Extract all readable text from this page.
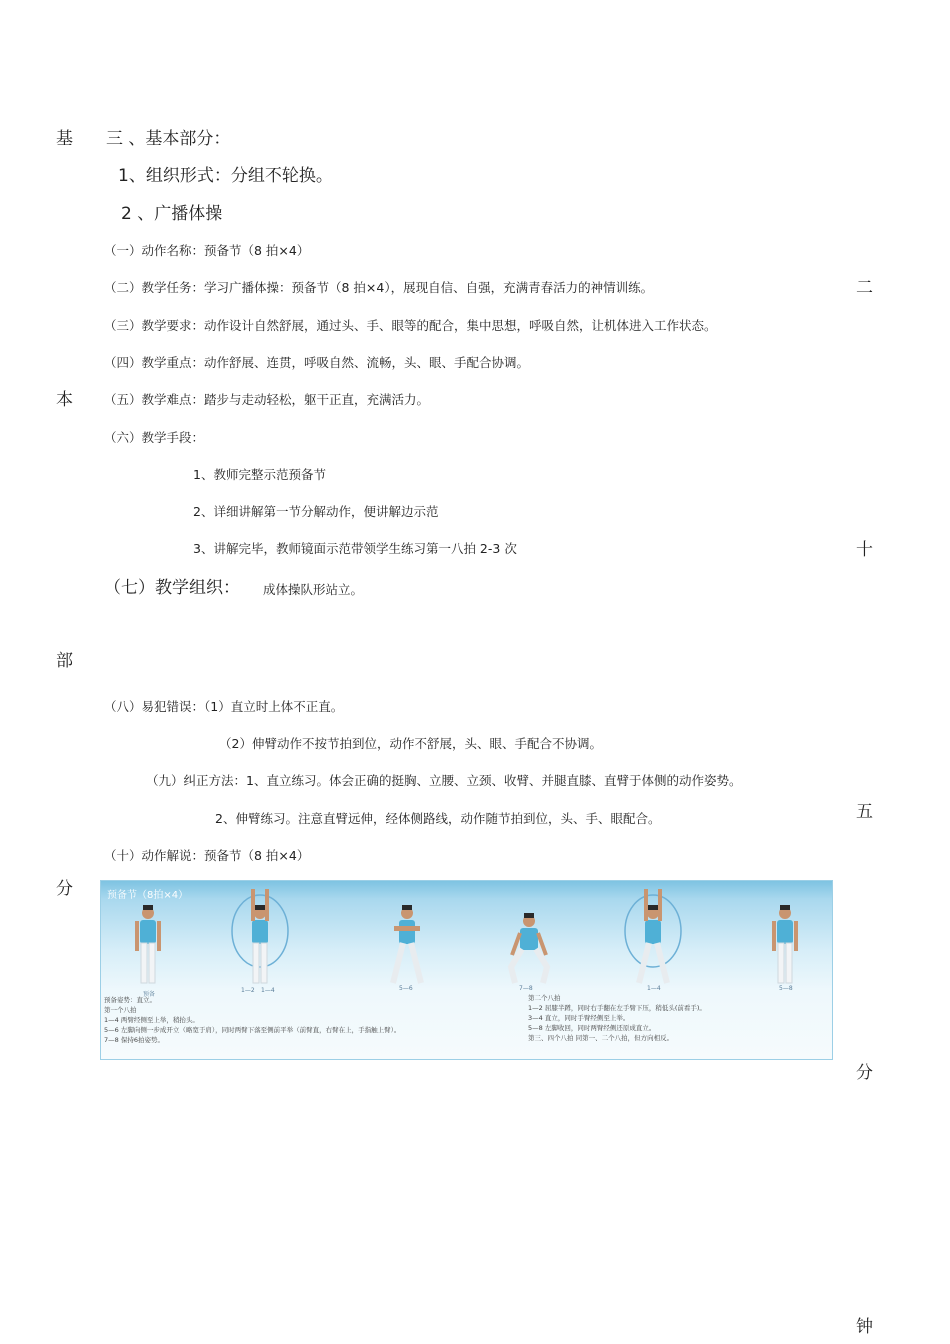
基
本
部
分
二
十
五
分
钟
三 、基本部分：
1、组织形式：分组不轮换。
2 、广播体操
（一）动作名称：预备节（8 拍×4）
（二）教学任务：学习广播体操：预备节（8 拍×4），展现自信、自强，充满青春活力的神情训练。
（三）教学要求：动作设计自然舒展，通过头、手、眼等的配合，集中思想，呼吸自然，让机体进入工作状态。
（四）教学重点：动作舒展、连贯，呼吸自然、流畅，头、眼、手配合协调。
（五）教学难点：踏步与走动轻松，躯干正直，充满活力。
（六）教学手段：
1、教师完整示范预备节
2、详细讲解第一节分解动作，便讲解边示范
3、讲解完毕，教师镜面示范带领学生练习第一八拍 2-3 次
（七）教学组织： 成体操队形站立。
（八）易犯错误：（1）直立时上体不正直。
（2）伸臂动作不按节拍到位，动作不舒展，头、眼、手配合不协调。
（九）纠正方法：1、直立练习。体会正确的挺胸、立腰、立颈、收臂、并腿直膝、直臂于体侧的动作姿势。
2、伸臂练习。注意直臂远伸，经体侧路线，动作随节拍到位，头、手、眼配合。
（十）动作解说：预备节（8 拍×4）
预备节（8拍×4）
预备
1—2 1—4	5—6	7—8	1—4	5—8
预备姿势：直立。
第一个八拍
1—4 两臂经侧至上举，稍抬头。
5—6 左脚向侧一步成开立（略宽于肩），同时两臂下落至侧前平举（前臂直，右臂在上，手指触上臂）。
7—8 保持6拍姿势。
第二个八拍
1—2 屈膝半蹲，同时右手翻在左手臂下压，稍低头(前看手)。
3—4 直立，同时手臂经侧至上举。
5—8 左脚收回，同时两臂经侧还原成直立。
第三、四个八拍 同第一、二个八拍，但方向相反。
